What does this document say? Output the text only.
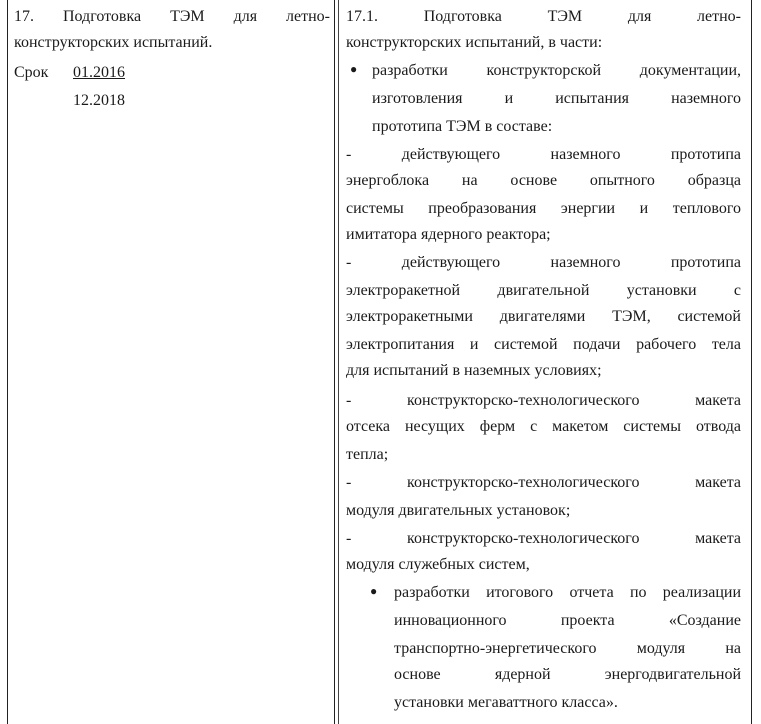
17. Подготовка ТЭМ для летно-
конструкторских испытаний.
Срок 01.2016
12.2018
17.1. Подготовка ТЭМ для летно-
конструкторских испытаний, в части:
● разработки конструкторской документации,
изготовления и испытания наземного
прототипа ТЭМ в составе:
- действующего наземного прототипа
энергоблока на основе опытного образца
системы преобразования энергии и теплового
имитатора ядерного реактора;
- действующего наземного прототипа
электроракетной двигательной установки с
электроракетными двигателями ТЭМ, системой
электропитания и системой подачи рабочего тела
для испытаний в наземных условиях;
- конструкторско-технологического макета
отсека несущих ферм с макетом системы отвода
тепла;
- конструкторско-технологического макета
модуля двигательных установок;
- конструкторско-технологического макета
модуля служебных систем,
● разработки итогового отчета по реализации
инновационного проекта «Создание
транспортно-энергетического модуля на
основе ядерной энергодвигательной
установки мегаваттного класса».
